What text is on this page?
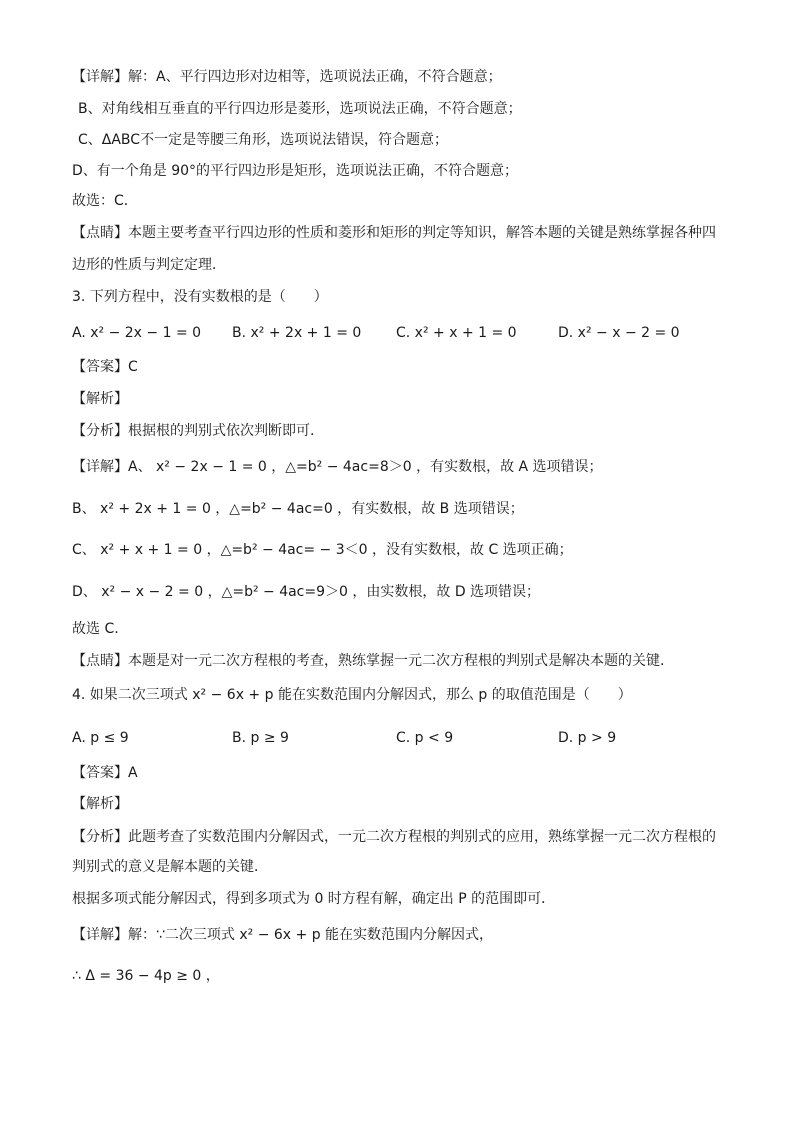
【详解】解：A、平行四边形对边相等，选项说法正确，不符合题意；
B、对角线相互垂直的平行四边形是菱形，选项说法正确，不符合题意；
C、ΔABC不一定是等腰三角形，选项说法错误，符合题意；
D、有一个角是 90°的平行四边形是矩形，选项说法正确，不符合题意；
故选：C．
【点睛】本题主要考查平行四边形的性质和菱形和矩形的判定等知识，解答本题的关键是熟练掌握各种四
边形的性质与判定定理．
3. 下列方程中，没有实数根的是（　　）
A. x² − 2x − 1 = 0 B. x² + 2x + 1 = 0 C. x² + x + 1 = 0	D. x² − x − 2 = 0
【答案】C
【解析】
【分析】根据根的判别式依次判断即可.
【详解】A、 x² − 2x − 1 = 0 ，△=b² − 4ac=8＞0 ，有实数根，故 A 选项错误；
B、 x² + 2x + 1 = 0 ，△=b² − 4ac=0 ，有实数根，故 B 选项错误；
C、 x² + x + 1 = 0 ，△=b² − 4ac= − 3＜0 ，没有实数根，故 C 选项正确；
D、 x² − x − 2 = 0 ，△=b² − 4ac=9＞0 ，由实数根，故 D 选项错误；
故选 C.
【点睛】本题是对一元二次方程根的考查，熟练掌握一元二次方程根的判别式是解决本题的关键.
4. 如果二次三项式 x² − 6x + p 能在实数范围内分解因式，那么 p 的取值范围是（　　）
A. p ≤ 9	B. p ≥ 9	C. p < 9	D. p > 9
【答案】A
【解析】
【分析】此题考查了实数范围内分解因式，一元二次方程根的判别式的应用，熟练掌握一元二次方程根的
判别式的意义是解本题的关键．
根据多项式能分解因式，得到多项式为 0 时方程有解，确定出 P 的范围即可．
【详解】解：∵二次三项式 x² − 6x + p 能在实数范围内分解因式，
∴ Δ = 36 − 4p ≥ 0 ，
